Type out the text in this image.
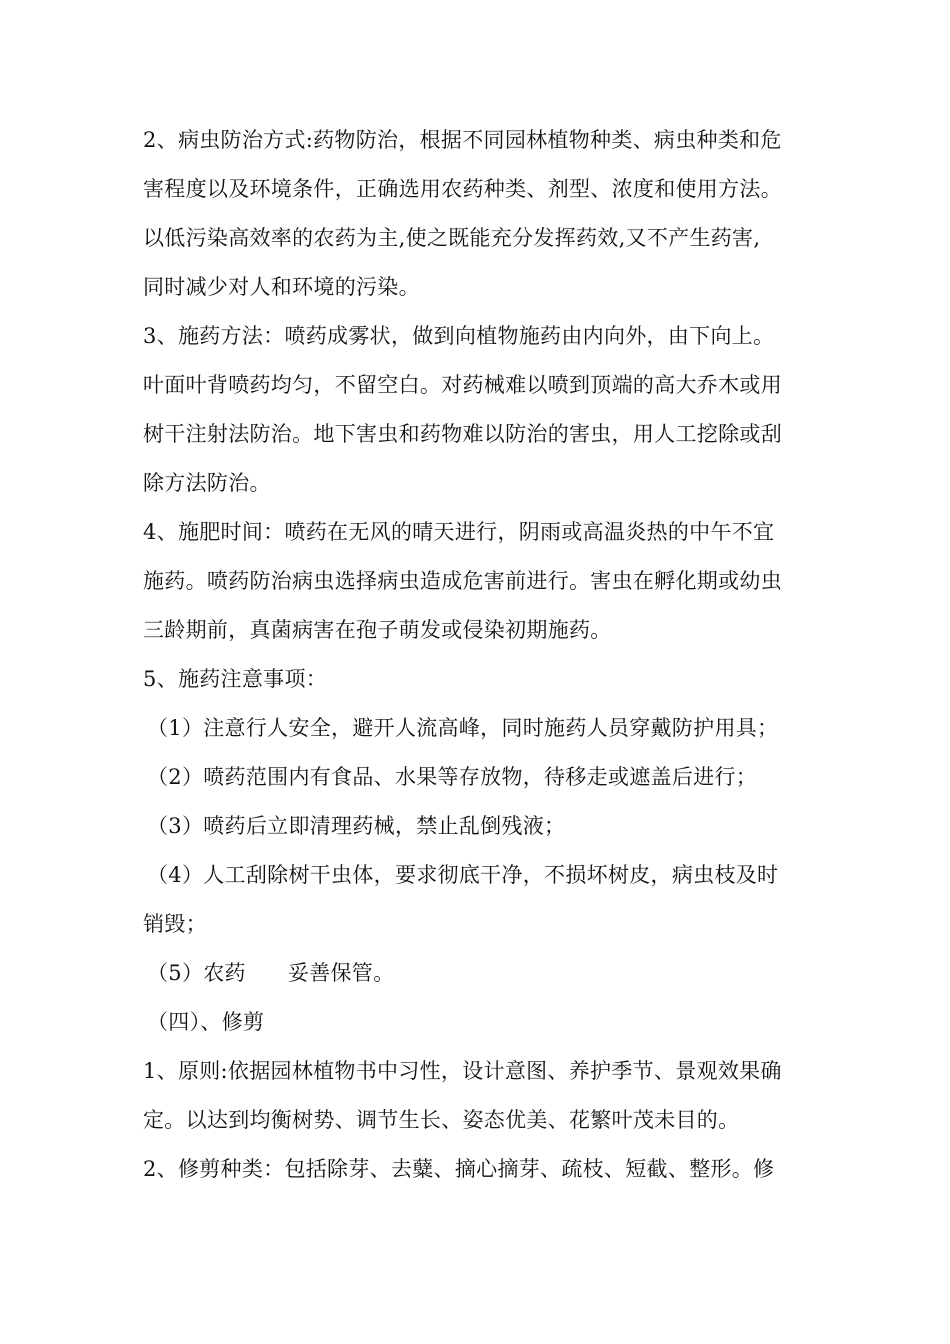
2、病虫防治方式:药物防治，根据不同园林植物种类、病虫种类和危
害程度以及环境条件，正确选用农药种类、剂型、浓度和使用方法。
以低污染高效率的农药为主,使之既能充分发挥药效,又不产生药害,
同时减少对人和环境的污染。
3、施药方法：喷药成雾状，做到向植物施药由内向外，由下向上。
叶面叶背喷药均匀，不留空白。对药械难以喷到顶端的高大乔木或用
树干注射法防治。地下害虫和药物难以防治的害虫，用人工挖除或刮
除方法防治。
4、施肥时间：喷药在无风的晴天进行，阴雨或高温炎热的中午不宜
施药。喷药防治病虫选择病虫造成危害前进行。害虫在孵化期或幼虫
三龄期前，真菌病害在孢子萌发或侵染初期施药。
5、施药注意事项：
（1）注意行人安全，避开人流高峰，同时施药人员穿戴防护用具；
（2）喷药范围内有食品、水果等存放物，待移走或遮盖后进行；
（3）喷药后立即清理药械，禁止乱倒残液；
（4）人工刮除树干虫体，要求彻底干净，不损坏树皮，病虫枝及时
销毁；
（5）农药 妥善保管。
（四）、修剪
1、原则:依据园林植物书中习性，设计意图、养护季节、景观效果确
定。以达到均衡树势、调节生长、姿态优美、花繁叶茂未目的。
2、修剪种类：包括除芽、去糵、摘心摘芽、疏枝、短截、整形。修
